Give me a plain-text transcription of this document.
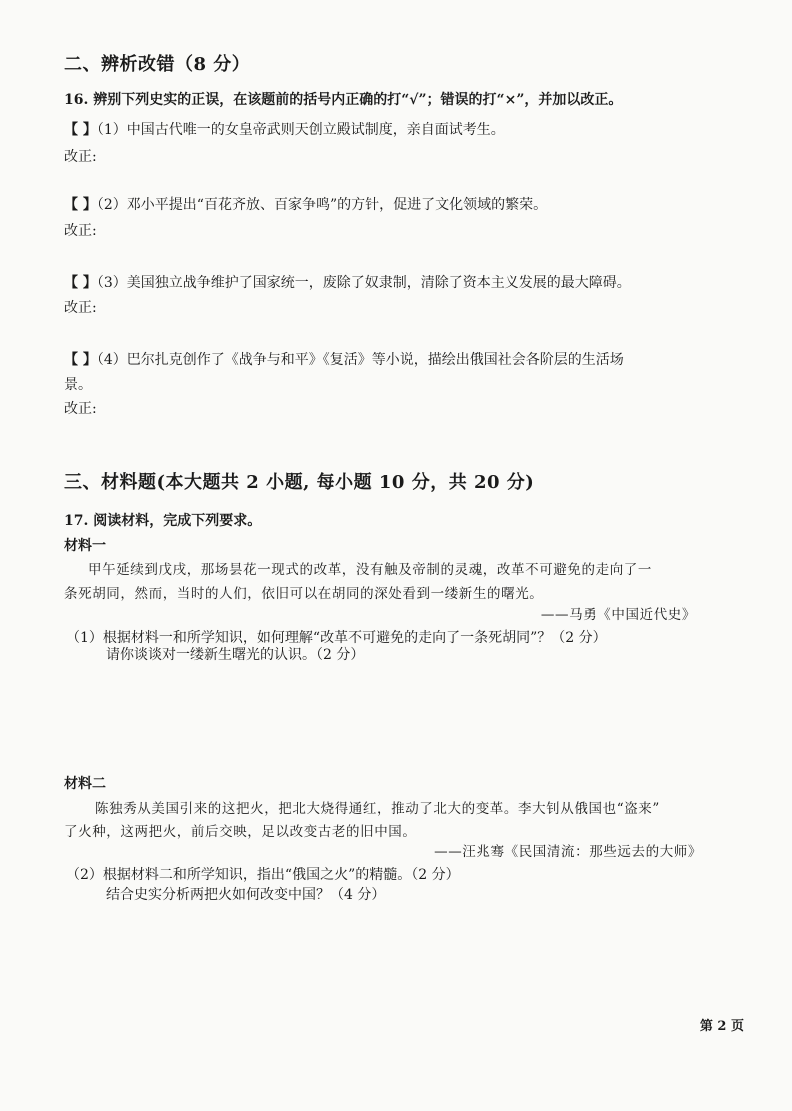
二、辨析改错（8 分）
16. 辨别下列史实的正误，在该题前的括号内正确的打“√”；错误的打“×”，并加以改正。
【 】（1）中国古代唯一的女皇帝武则天创立殿试制度，亲自面试考生。
改正:
【 】（2）邓小平提出“百花齐放、百家争鸣”的方针，促进了文化领域的繁荣。
改正:
【 】（3）美国独立战争维护了国家统一，废除了奴隶制，清除了资本主义发展的最大障碍。
改正:
【 】（4）巴尔扎克创作了《战争与和平》《复活》等小说，描绘出俄国社会各阶层的生活场
景。
改正:
三、材料题(本大题共 2 小题, 每小题 10 分，共 20 分)
17. 阅读材料，完成下列要求。
材料一
甲午延续到戊戌，那场昙花一现式的改革，没有触及帝制的灵魂，改革不可避免的走向了一
条死胡同，然而，当时的人们，依旧可以在胡同的深处看到一缕新生的曙光。
——马勇《中国近代史》
（1）根据材料一和所学知识，如何理解“改革不可避免的走向了一条死胡同”？（2 分）
请你谈谈对一缕新生曙光的认识。（2 分）
材料二
陈独秀从美国引来的这把火，把北大烧得通红，推动了北大的变革。李大钊从俄国也“盗来”
了火种，这两把火，前后交映，足以改变古老的旧中国。
——汪兆骞《民国清流：那些远去的大师》
（2）根据材料二和所学知识，指出“俄国之火”的精髓。（2 分）
结合史实分析两把火如何改变中国？（4 分）
第 2 页
